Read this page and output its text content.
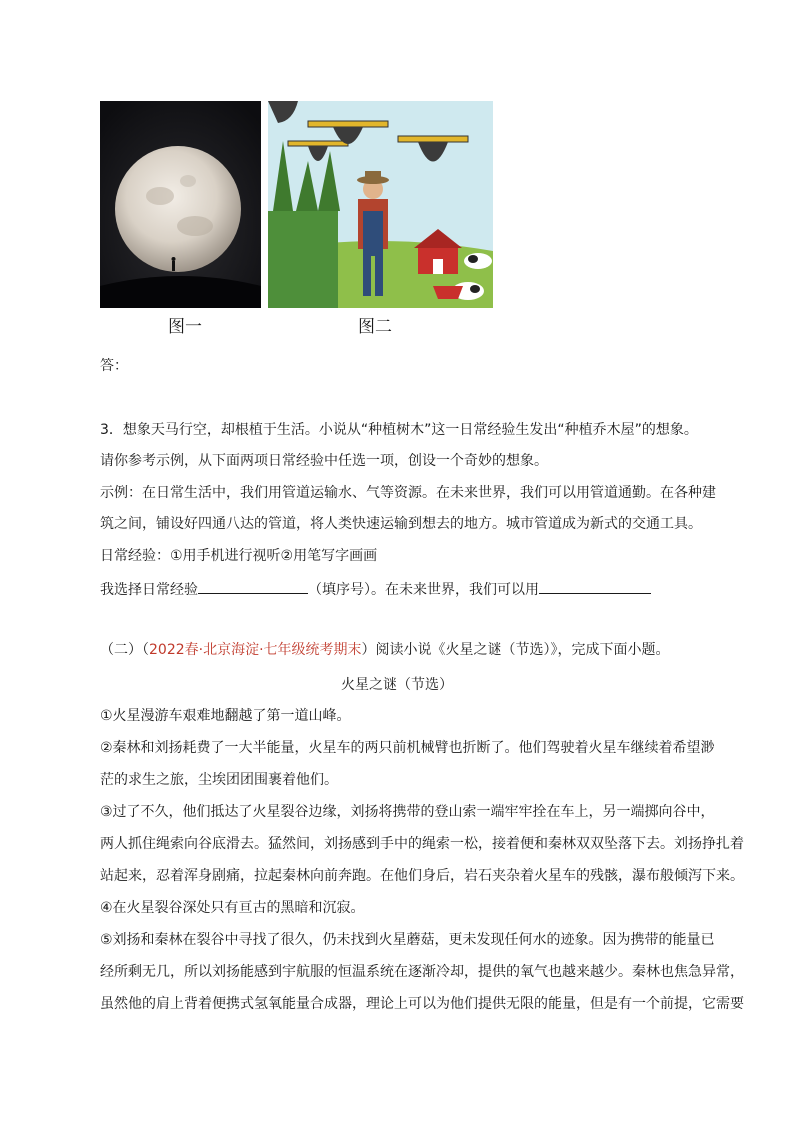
图一	图二
答：
3．想象天马行空，却根植于生活。小说从“种植树木”这一日常经验生发出“种植乔木屋”的想象。
请你参考示例，从下面两项日常经验中任选一项，创设一个奇妙的想象。
示例：在日常生活中，我们用管道运输水、气等资源。在未来世界，我们可以用管道通勤。在各种建
筑之间，铺设好四通八达的管道，将人类快速运输到想去的地方。城市管道成为新式的交通工具。
日常经验：①用手机进行视听②用笔写字画画
我选择日常经验	（填序号）。在未来世界，我们可以用
（二）（2022春·北京海淀·七年级统考期末）阅读小说《火星之谜（节选）》，完成下面小题。
火星之谜（节选）
①火星漫游车艰难地翻越了第一道山峰。
②秦林和刘扬耗费了一大半能量，火星车的两只前机械臂也折断了。他们驾驶着火星车继续着希望渺
茫的求生之旅，尘埃团团围裹着他们。
③过了不久，他们抵达了火星裂谷边缘，刘扬将携带的登山索一端牢牢拴在车上，另一端掷向谷中，
两人抓住绳索向谷底滑去。猛然间，刘扬感到手中的绳索一松，接着便和秦林双双坠落下去。刘扬挣扎着
站起来，忍着浑身剧痛，拉起秦林向前奔跑。在他们身后，岩石夹杂着火星车的残骸，瀑布般倾泻下来。
④在火星裂谷深处只有亘古的黑暗和沉寂。
⑤刘扬和秦林在裂谷中寻找了很久，仍未找到火星蘑菇，更未发现任何水的迹象。因为携带的能量已
经所剩无几，所以刘扬能感到宇航服的恒温系统在逐渐冷却，提供的氧气也越来越少。秦林也焦急异常，
虽然他的肩上背着便携式氢氧能量合成器，理论上可以为他们提供无限的能量，但是有一个前提，它需要
